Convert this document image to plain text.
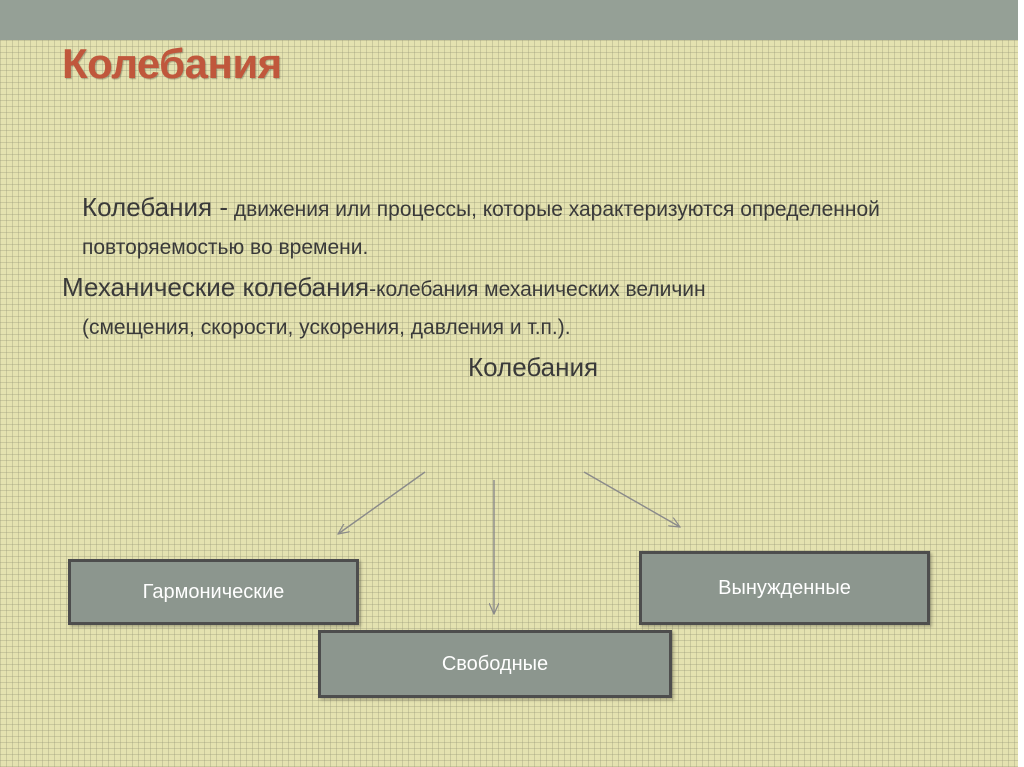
Колебания

Колебания - движения или процессы, которые характеризуются определенной повторяемостью во времени.

Механические колебания-колебания механических величин
(смещения, скорости, ускорения, давления и т.п.).

Колебания
Гармонические
Свободные
Вынужденные
